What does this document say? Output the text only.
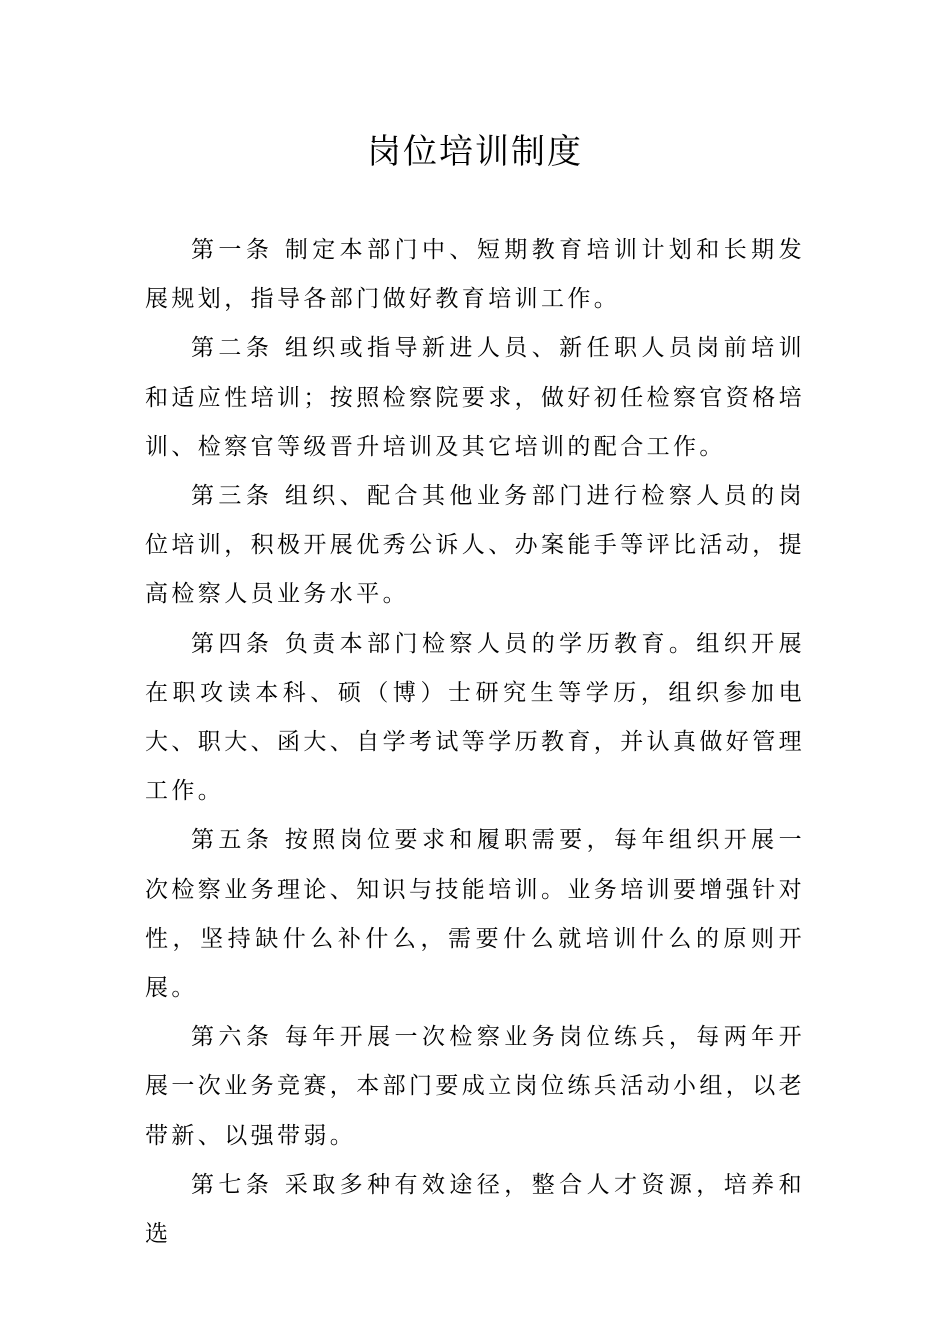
岗位培训制度

第一条 制定本部门中、短期教育培训计划和长期发展规划，指导各部门做好教育培训工作。

第二条 组织或指导新进人员、新任职人员岗前培训和适应性培训；按照检察院要求，做好初任检察官资格培训、检察官等级晋升培训及其它培训的配合工作。

第三条 组织、配合其他业务部门进行检察人员的岗位培训，积极开展优秀公诉人、办案能手等评比活动，提高检察人员业务水平。

第四条 负责本部门检察人员的学历教育。组织开展在职攻读本科、硕（博）士研究生等学历，组织参加电大、职大、函大、自学考试等学历教育，并认真做好管理工作。

第五条 按照岗位要求和履职需要，每年组织开展一次检察业务理论、知识与技能培训。业务培训要增强针对性，坚持缺什么补什么，需要什么就培训什么的原则开展。

第六条 每年开展一次检察业务岗位练兵，每两年开展一次业务竞赛，本部门要成立岗位练兵活动小组，以老带新、以强带弱。

第七条 采取多种有效途径，整合人才资源，培养和选
